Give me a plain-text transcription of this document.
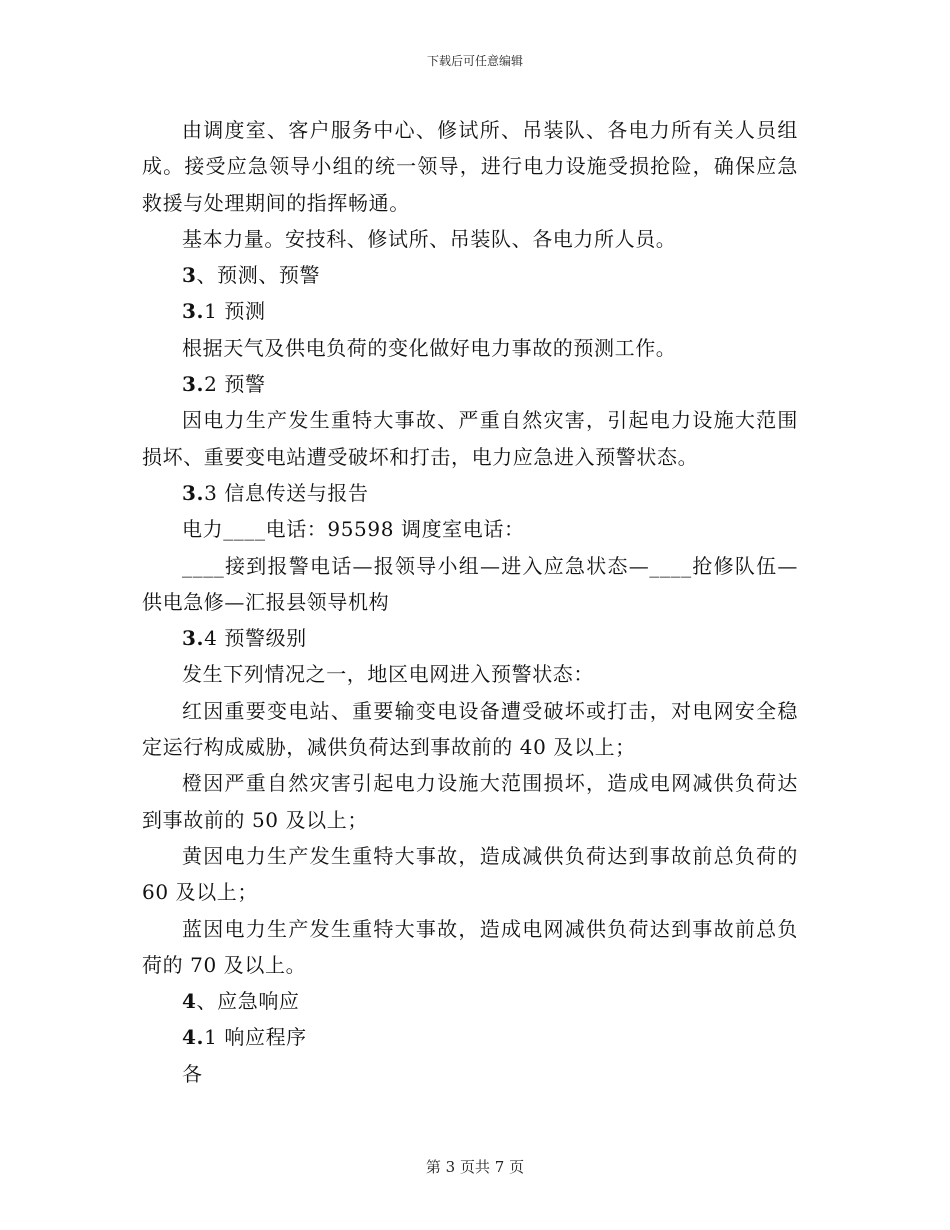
下载后可任意编辑

由调度室、客户服务中心、修试所、吊装队、各电力所有关人员组成。接受应急领导小组的统一领导，进行电力设施受损抢险，确保应急救援与处理期间的指挥畅通。

基本力量。安技科、修试所、吊装队、各电力所人员。

3、预测、预警

3.1 预测

根据天气及供电负荷的变化做好电力事故的预测工作。

3.2 预警

因电力生产发生重特大事故、严重自然灾害，引起电力设施大范围损坏、重要变电站遭受破坏和打击，电力应急进入预警状态。

3.3 信息传送与报告

电力____电话：95598 调度室电话：

____接到报警电话—报领导小组—进入应急状态—____抢修队伍—供电急修—汇报县领导机构

3.4 预警级别

发生下列情况之一，地区电网进入预警状态：

红因重要变电站、重要输变电设备遭受破坏或打击，对电网安全稳定运行构成威胁，减供负荷达到事故前的 40 及以上；

橙因严重自然灾害引起电力设施大范围损坏，造成电网减供负荷达到事故前的 50 及以上；

黄因电力生产发生重特大事故，造成减供负荷达到事故前总负荷的 60 及以上；

蓝因电力生产发生重特大事故，造成电网减供负荷达到事故前总负荷的 70 及以上。

4、应急响应

4.1 响应程序

各

第 3 页共 7 页
